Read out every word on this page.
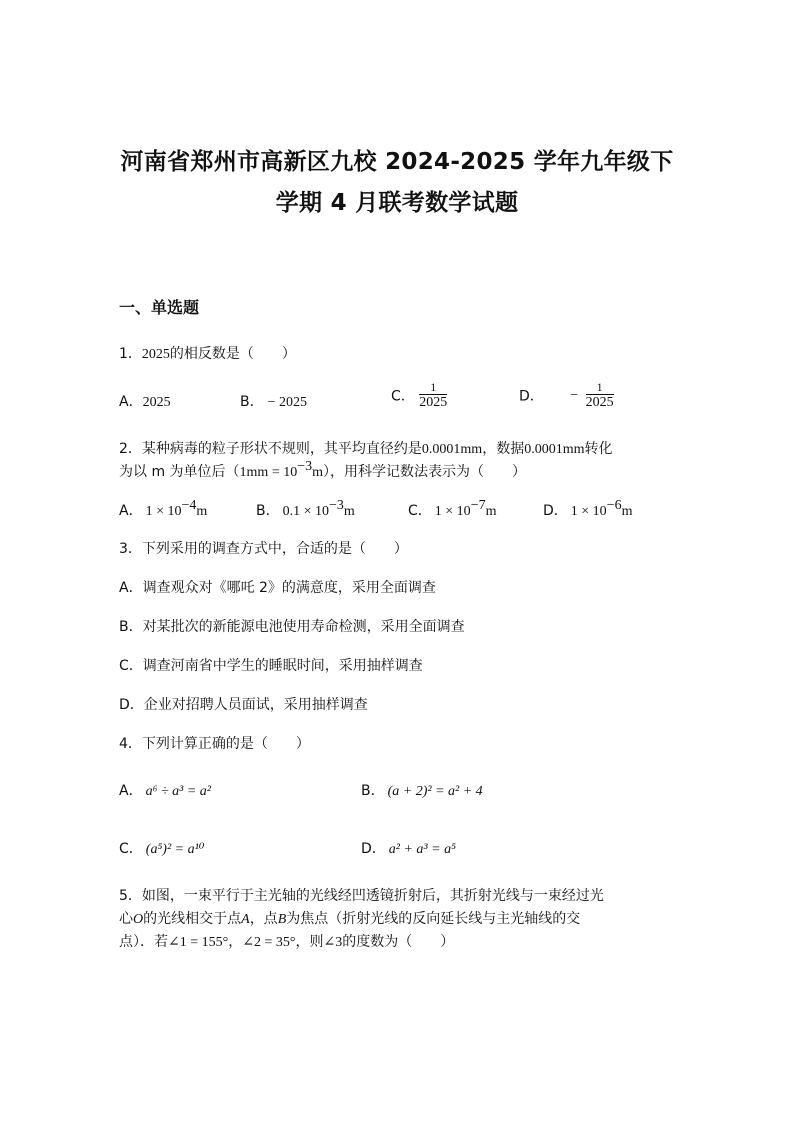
河南省郑州市高新区九校 2024-2025 学年九年级下
学期 4 月联考数学试题
一、单选题
1．2025的相反数是（　　）
A．2025	B． − 2025	C． $\frac{1}{2025}$	D． − $\frac{1}{2025}$
2．某种病毒的粒子形状不规则，其平均直径约是0.0001mm，数据0.0001mm转化
为以 m 为单位后$(1mm = 10^{-3}m)$，用科学记数法表示为（　　）
A． $1 \times 10^{-4}m$	B． $0.1 \times 10^{-3}m$	C． $1 \times 10^{-7}m$	D． $1 \times 10^{-6}m$
3．下列采用的调查方式中，合适的是（　　）
A．调查观众对《哪吒 2》的满意度，采用全面调查
B．对某批次的新能源电池使用寿命检测，采用全面调查
C．调查河南省中学生的睡眠时间，采用抽样调查
D．企业对招聘人员面试，采用抽样调查
4．下列计算正确的是（　　）
A． a⁶ ÷ a³ = a²	B． (a + 2)² = a² + 4
C． (a⁵)² = a¹⁰	D． a² + a³ = a⁵
5．如图，一束平行于主光轴的光线经凹透镜折射后，其折射光线与一束经过光
心O的光线相交于点A，点B为焦点（折射光线的反向延长线与主光轴线的交
点）．若∠1 = 155°，∠2 = 35°，则∠3的度数为（　　）
